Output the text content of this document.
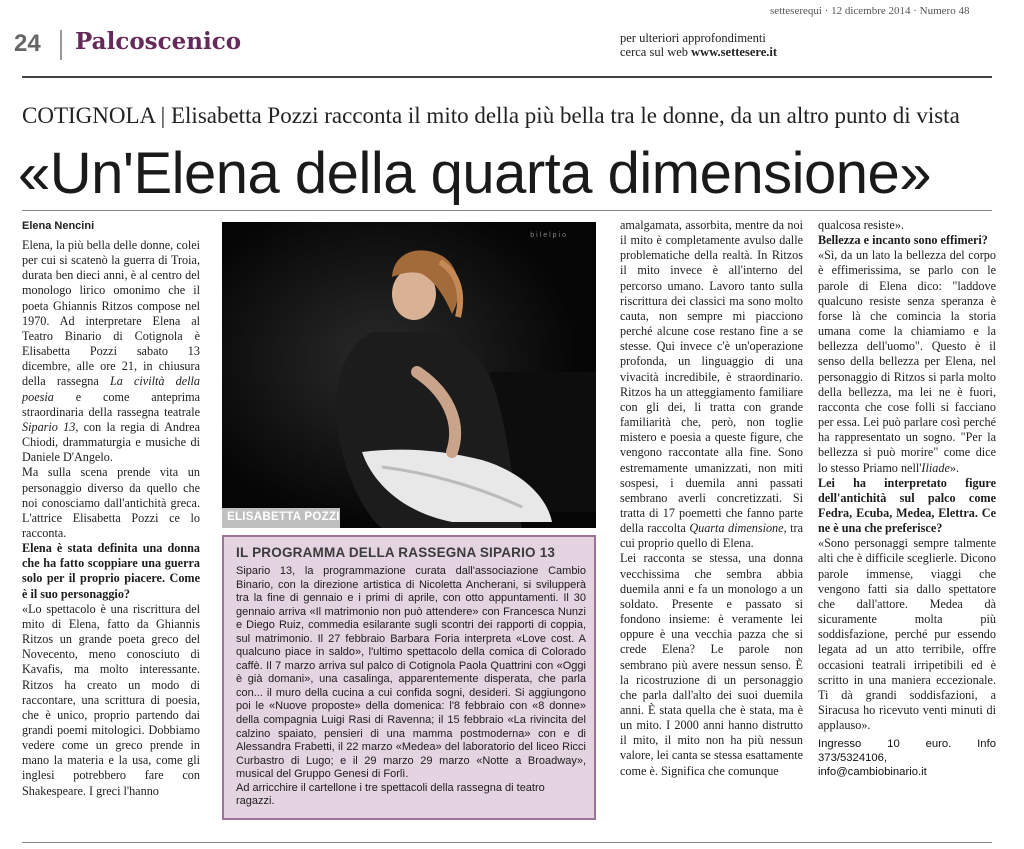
setteserequi · 12 dicembre 2014 · Numero 48
24 Palcoscenico	per ulteriori approfondimenti
cerca sul web www.settesere.it
COTIGNOLA | Elisabetta Pozzi racconta il mito della più bella tra le donne, da un altro punto di vista
«Un'Elena della quarta dimensione»
Elena Nencini

Elena, la più bella delle donne, colei per cui si scatenò la guerra di Troia, durata ben dieci anni, è al centro del monologo lirico omonimo che il poeta Ghiannis Ritzos compose nel 1970. Ad interpretare Elena al Teatro Binario di Cotignola è Elisabetta Pozzi sabato 13 dicembre, alle ore 21, in chiusura della rassegna La civiltà della poesia e come anteprima straordinaria della rassegna teatrale Sipario 13, con la regia di Andrea Chiodi, drammaturgia e musiche di Daniele D'Angelo.

Ma sulla scena prende vita un personaggio diverso da quello che noi conosciamo dall'antichità greca. L'attrice Elisabetta Pozzi ce lo racconta.

Elena è stata definita una donna che ha fatto scoppiare una guerra solo per il proprio piacere. Come è il suo personaggio?

«Lo spettacolo è una riscrittura del mito di Elena, fatto da Ghiannis Ritzos un grande poeta greco del Novecento, meno conosciuto di Kavafis, ma molto interessante. Ritzos ha creato un modo di raccontare, una scrittura di poesia, che è unico, proprio partendo dai grandi poemi mitologici. Dobbiamo vedere come un greco prende in mano la materia e la usa, come gli inglesi potrebbero fare con Shakespeare. I greci l'hanno

bilelpio
ELISABETTA POZZI
IL PROGRAMMA DELLA RASSEGNA SIPARIO 13

Sipario 13, la programmazione curata dall'associazione Cambio Binario, con la direzione artistica di Nicoletta Ancherani, si svilupperà tra la fine di gennaio e i primi di aprile, con otto appuntamenti. Il 30 gennaio arriva «Il matrimonio non può attendere» con Francesca Nunzi e Diego Ruiz, commedia esilarante sugli scontri dei rapporti di coppia, sul matrimonio. Il 27 febbraio Barbara Foria interpreta «Love cost. A qualcuno piace in saldo», l'ultimo spettacolo della comica di Colorado caffè. Il 7 marzo arriva sul palco di Cotignola Paola Quattrini con «Oggi è già domani», una casalinga, apparentemente disperata, che parla con... il muro della cucina a cui confida sogni, desideri. Si aggiungono poi le «Nuove proposte» della domenica: l'8 febbraio con «8 donne» della compagnia Luigi Rasi di Ravenna; il 15 febbraio «La rivincita del calzino spaiato, pensieri di una mamma postmoderna» con e di Alessandra Frabetti, il 22 marzo «Medea» del laboratorio del liceo Ricci Curbastro di Lugo; e il 29 marzo 29 marzo «Notte a Broadway», musical del Gruppo Genesi di Forlì.

Ad arricchire il cartellone i tre spettacoli della rassegna di teatro ragazzi.

amalgamata, assorbita, mentre da noi il mito è completamente avulso dalle problematiche della realtà. In Ritzos il mito invece è all'interno del percorso umano. Lavoro tanto sulla riscrittura dei classici ma sono molto cauta, non sempre mi piacciono perché alcune cose restano fine a se stesse. Qui invece c'è un'operazione profonda, un linguaggio di una vivacità incredibile, è straordinario. Ritzos ha un atteggiamento familiare con gli dei, li tratta con grande familiarità che, però, non toglie mistero e poesia a queste figure, che vengono raccontate alla fine. Sono estremamente umanizzati, non miti sospesi, i duemila anni passati sembrano averli concretizzati. Si tratta di 17 poemetti che fanno parte della raccolta Quarta dimensione, tra cui proprio quello di Elena.

Lei racconta se stessa, una donna vecchissima che sembra abbia duemila anni e fa un monologo a un soldato. Presente e passato si fondono insieme: è veramente lei oppure è una vecchia pazza che si crede Elena? Le parole non sembrano più avere nessun senso. È la ricostruzione di un personaggio che parla dall'alto dei suoi duemila anni. È stata quella che è stata, ma è un mito. I 2000 anni hanno distrutto il mito, il mito non ha più nessun valore, lei canta se stessa esattamente come è. Significa che comunque

qualcosa resiste».

Bellezza e incanto sono effimeri?

«Sì, da un lato la bellezza del corpo è effimerissima, se parlo con le parole di Elena dico: "laddove qualcuno resiste senza speranza è forse là che comincia la storia umana come la chiamiamo e la bellezza dell'uomo". Questo è il senso della bellezza per Elena, nel personaggio di Ritzos si parla molto della bellezza, ma lei ne è fuori, racconta che cose folli si facciano per essa. Lei può parlare così perché ha rappresentato un sogno. "Per la bellezza si può morire" come dice lo stesso Priamo nell'Iliade».

Lei ha interpretato figure dell'antichità sul palco come Fedra, Ecuba, Medea, Elettra. Ce ne è una che preferisce?

«Sono personaggi sempre talmente alti che è difficile sceglierle. Dicono parole immense, viaggi che vengono fatti sia dallo spettatore che dall'attore. Medea dà sicuramente molta più soddisfazione, perché pur essendo legata ad un atto terribile, offre occasioni teatrali irripetibili ed è scritto in una maniera eccezionale. Ti dà grandi soddisfazioni, a Siracusa ho ricevuto venti minuti di applauso».

Ingresso 10 euro. Info 373/5324106,
info@cambiobinario.it
